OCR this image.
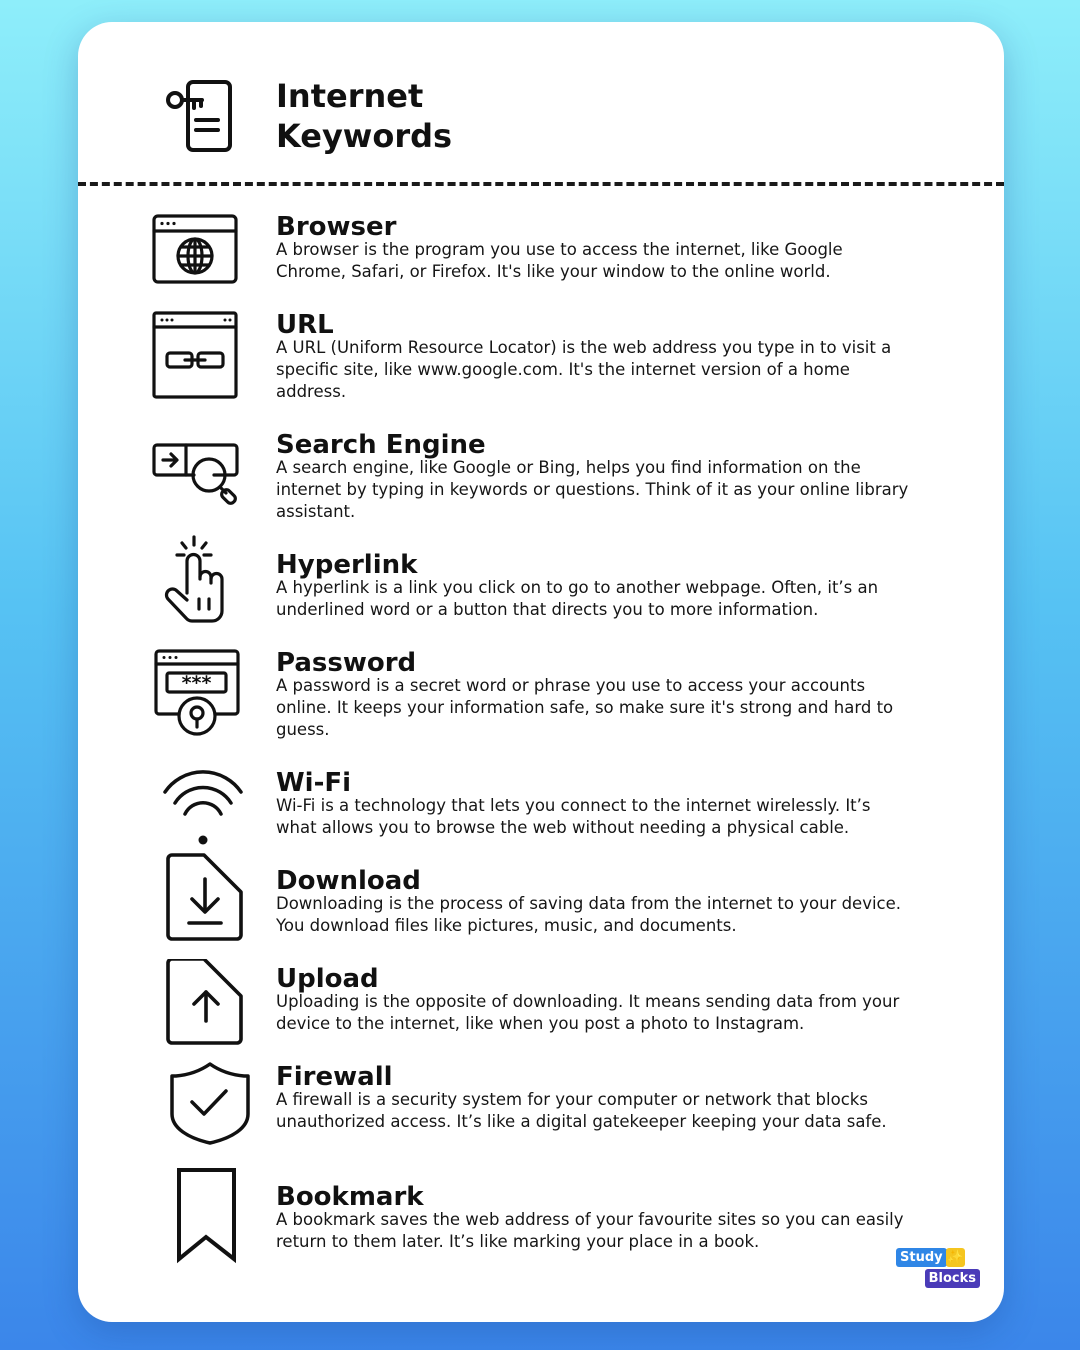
Internet
Keywords
Browser

A browser is the program you use to access the internet, like Google Chrome, Safari, or Firefox. It's like your window to the online world.

URL

A URL (Uniform Resource Locator) is the web address you type in to visit a specific site, like www.google.com. It's the internet version of a home address.

Search Engine

A search engine, like Google or Bing, helps you find information on the internet by typing in keywords or questions. Think of it as your online library assistant.

Hyperlink

A hyperlink is a link you click on to go to another webpage. Often, it’s an underlined word or a button that directs you to more information.

***
Password

A password is a secret word or phrase you use to access your accounts online. It keeps your information safe, so make sure it's strong and hard to guess.

Wi-Fi

Wi-Fi is a technology that lets you connect to the internet wirelessly. It’s what allows you to browse the web without needing a physical cable.

Download

Downloading is the process of saving data from the internet to your device. You download files like pictures, music, and documents.

Upload

Uploading is the opposite of downloading. It means sending data from your device to the internet, like when you post a photo to Instagram.

Firewall

A firewall is a security system for your computer or network that blocks unauthorized access. It’s like a digital gatekeeper keeping your data safe.

Bookmark

A bookmark saves the web address of your favourite sites so you can easily return to them later. It’s like marking your place in a book.

Study ✨
Blocks
